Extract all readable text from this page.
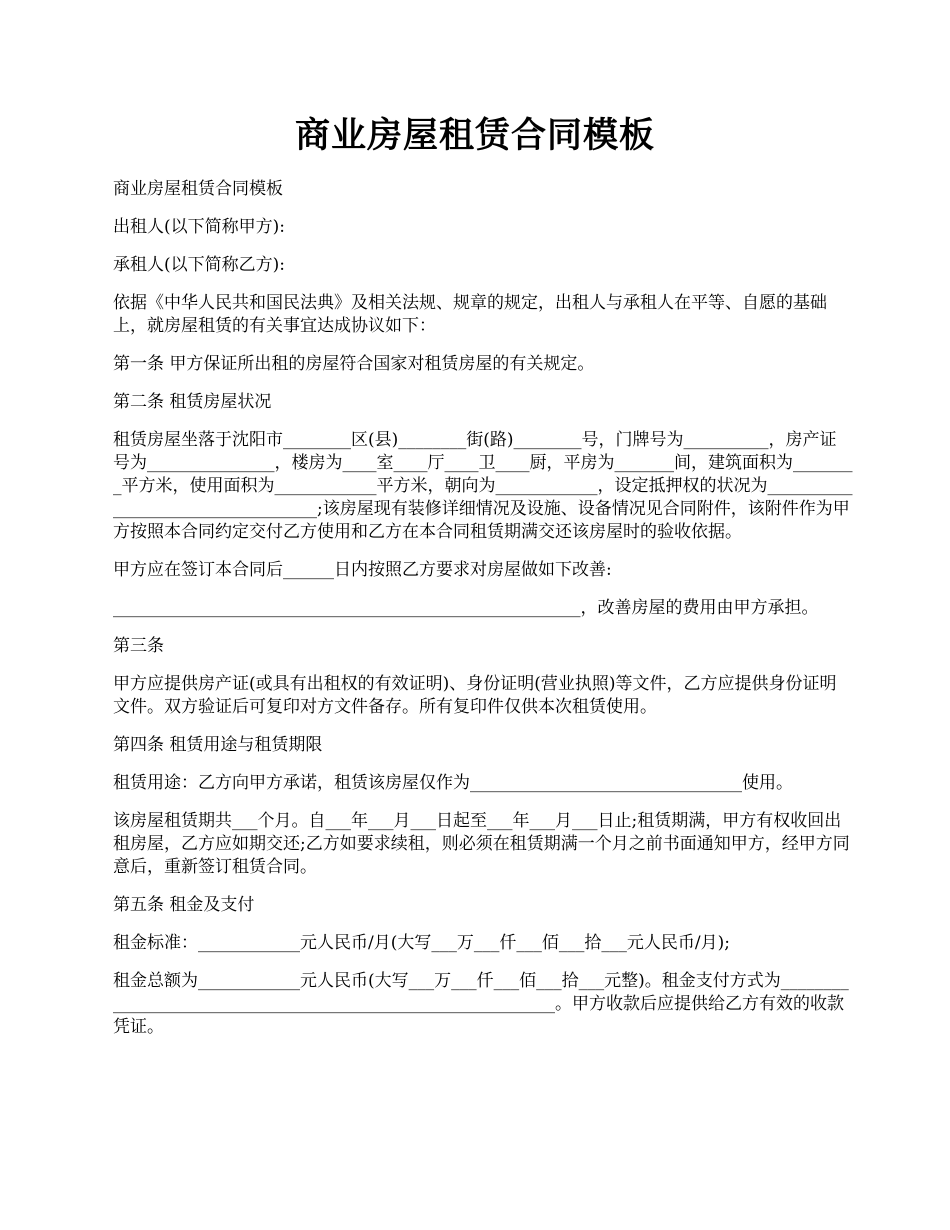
商业房屋租赁合同模板

商业房屋租赁合同模板

出租人(以下简称甲方):

承租人(以下简称乙方):

依据《中华人民共和国民法典》及相关法规、规章的规定，出租人与承租人在平等、自愿的基础上，就房屋租赁的有关事宜达成协议如下：

第一条 甲方保证所出租的房屋符合国家对租赁房屋的有关规定。

第二条 租赁房屋状况

租赁房屋坐落于沈阳市________区(县)________街(路)________号，门牌号为__________，房产证号为_______________，楼房为____室____厅____卫____厨，平房为_______间，建筑面积为________平方米，使用面积为____________平方米，朝向为____________，设定抵押权的状况为__________________________________;该房屋现有装修详细情况及设施、设备情况见合同附件，该附件作为甲方按照本合同约定交付乙方使用和乙方在本合同租赁期满交还该房屋时的验收依据。

甲方应在签订本合同后______日内按照乙方要求对房屋做如下改善:

_______________________________________________________，改善房屋的费用由甲方承担。

第三条

甲方应提供房产证(或具有出租权的有效证明)、身份证明(营业执照)等文件，乙方应提供身份证明文件。双方验证后可复印对方文件备存。所有复印件仅供本次租赁使用。

第四条 租赁用途与租赁期限

租赁用途：乙方向甲方承诺，租赁该房屋仅作为________________________________使用。

该房屋租赁期共___个月。自___年___月___日起至___年___月___日止;租赁期满，甲方有权收回出租房屋，乙方应如期交还;乙方如要求续租，则必须在租赁期满一个月之前书面通知甲方，经甲方同意后，重新签订租赁合同。

第五条 租金及支付

租金标准：____________元人民币/月(大写___万___仟___佰___拾___元人民币/月);

租金总额为____________元人民币(大写___万___仟___佰___拾___元整)。租金支付方式为____________________________________________________________。甲方收款后应提供给乙方有效的收款凭证。
